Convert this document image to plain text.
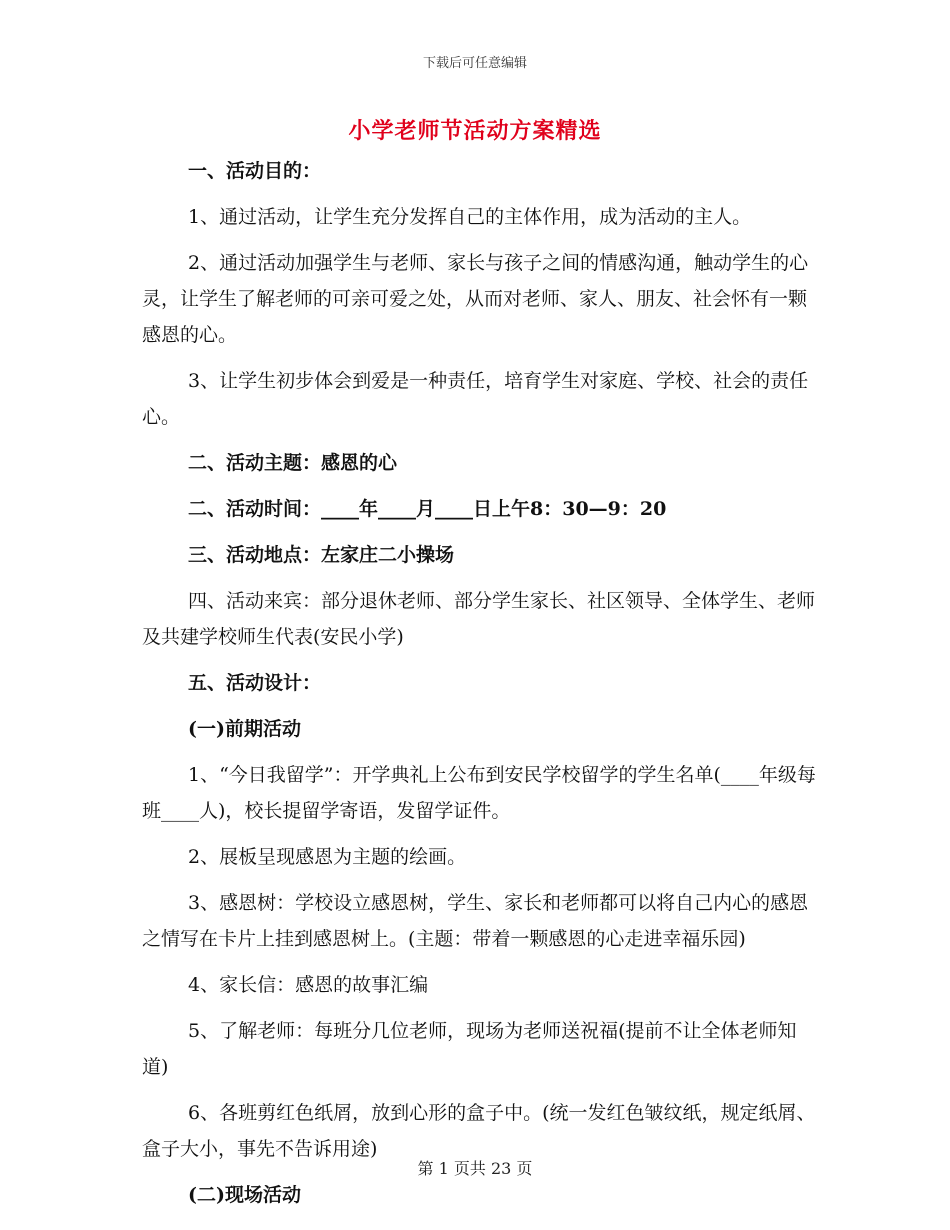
下载后可任意编辑
小学老师节活动方案精选

一、活动目的：

1、通过活动，让学生充分发挥自己的主体作用，成为活动的主人。

2、通过活动加强学生与老师、家长与孩子之间的情感沟通，触动学生的心灵，让学生了解老师的可亲可爱之处，从而对老师、家人、朋友、社会怀有一颗感恩的心。

3、让学生初步体会到爱是一种责任，培育学生对家庭、学校、社会的责任心。

二、活动主题：感恩的心

二、活动时间：____年____月____日上午8：30—9：20

三、活动地点：左家庄二小操场

四、活动来宾：部分退休老师、部分学生家长、社区领导、全体学生、老师及共建学校师生代表(安民小学)

五、活动设计：

(一)前期活动

1、“今日我留学”：开学典礼上公布到安民学校留学的学生名单(____年级每班____人)，校长提留学寄语，发留学证件。

2、展板呈现感恩为主题的绘画。

3、感恩树：学校设立感恩树，学生、家长和老师都可以将自己内心的感恩之情写在卡片上挂到感恩树上。(主题：带着一颗感恩的心走进幸福乐园)

4、家长信：感恩的故事汇编

5、了解老师：每班分几位老师，现场为老师送祝福(提前不让全体老师知道)

6、各班剪红色纸屑，放到心形的盒子中。(统一发红色皱纹纸，规定纸屑、盒子大小，事先不告诉用途)

(二)现场活动

第 1 页共 23 页
